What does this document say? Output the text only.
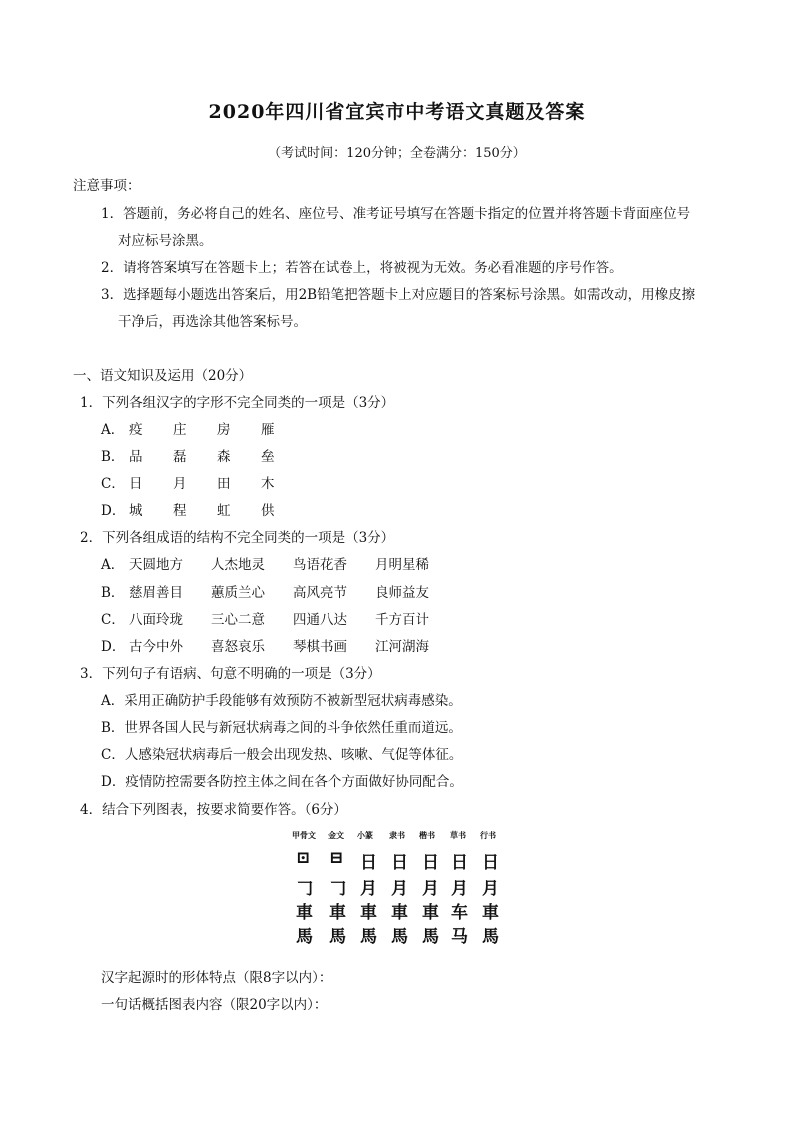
2020年四川省宜宾市中考语文真题及答案
（考试时间：120分钟；全卷满分：150分）
注意事项：
1．答题前，务必将自己的姓名、座位号、准考证号填写在答题卡指定的位置并将答题卡背面座位号
对应标号涂黑。
2．请将答案填写在答题卡上；若答在试卷上，将被视为无效。务必看准题的序号作答。
3．选择题每小题选出答案后，用2B铅笔把答题卡上对应题目的答案标号涂黑。如需改动，用橡皮擦
干净后，再选涂其他答案标号。
一、语文知识及运用（20分）
1．下列各组汉字的字形不完全同类的一项是（3分）
A． 疫 庄 房 雁
B． 品 磊 森 垒
C． 日 月 田 木
D． 城 程 虹 供
2．下列各组成语的结构不完全同类的一项是（3分）
A． 天圆地方 人杰地灵 鸟语花香 月明星稀
B． 慈眉善目 蕙质兰心 高风亮节 良师益友
C． 八面玲珑 三心二意 四通八达 千方百计
D． 古今中外 喜怒哀乐 琴棋书画 江河湖海
3．下列句子有语病、句意不明确的一项是（3分）
A．采用正确防护手段能够有效预防不被新型冠状病毒感染。
B．世界各国人民与新冠状病毒之间的斗争依然任重而道远。
C．人感染冠状病毒后一般会出现发热、咳嗽、气促等体征。
D．疫情防控需要各防控主体之间在各个方面做好协同配合。
4．结合下列图表，按要求简要作答。（6分）
甲骨文 金文 小篆 隶书 楷书 草书 行书
⊡ ⊟ 日 日 日 日 日
𠃌 𠃌 月 月 月 月 月
車 車 車 車 車 车 車
馬 馬 馬 馬 馬 马 馬
汉字起源时的形体特点（限8字以内）：
一句话概括图表内容（限20字以内）：
